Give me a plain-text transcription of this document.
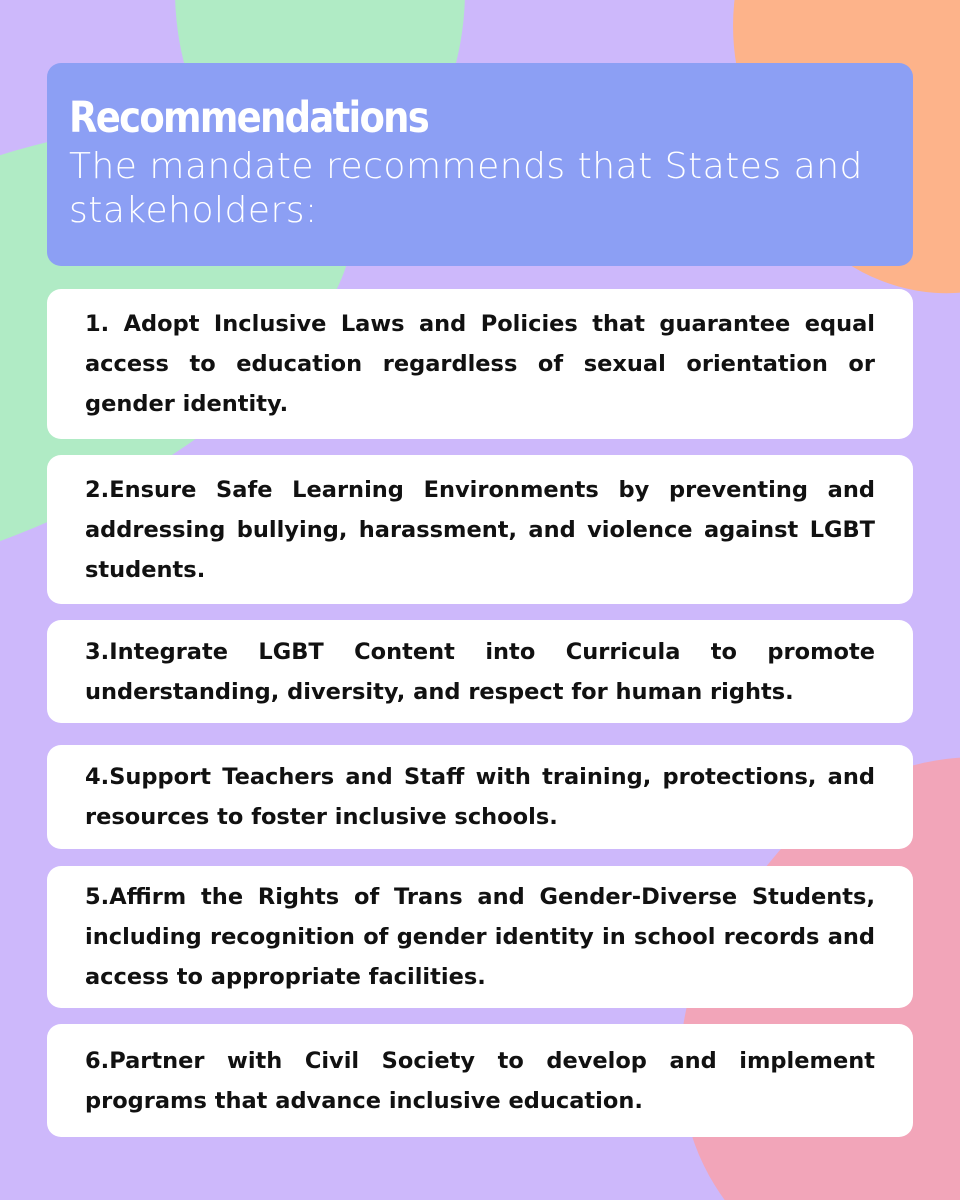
Recommendations
The mandate recommends that States and stakeholders:
1. Adopt Inclusive Laws and Policies that guarantee equal access to education regardless of sexual orientation or gender identity.
2.Ensure Safe Learning Environments by preventing and addressing bullying, harassment, and violence against LGBT students.
3.Integrate LGBT Content into Curricula to promote understanding, diversity, and respect for human rights.
4.Support Teachers and Staff with training, protections, and resources to foster inclusive schools.
5.Affirm the Rights of Trans and Gender-Diverse Students, including recognition of gender identity in school records and access to appropriate facilities.
6.Partner with Civil Society to develop and implement programs that advance inclusive education.
